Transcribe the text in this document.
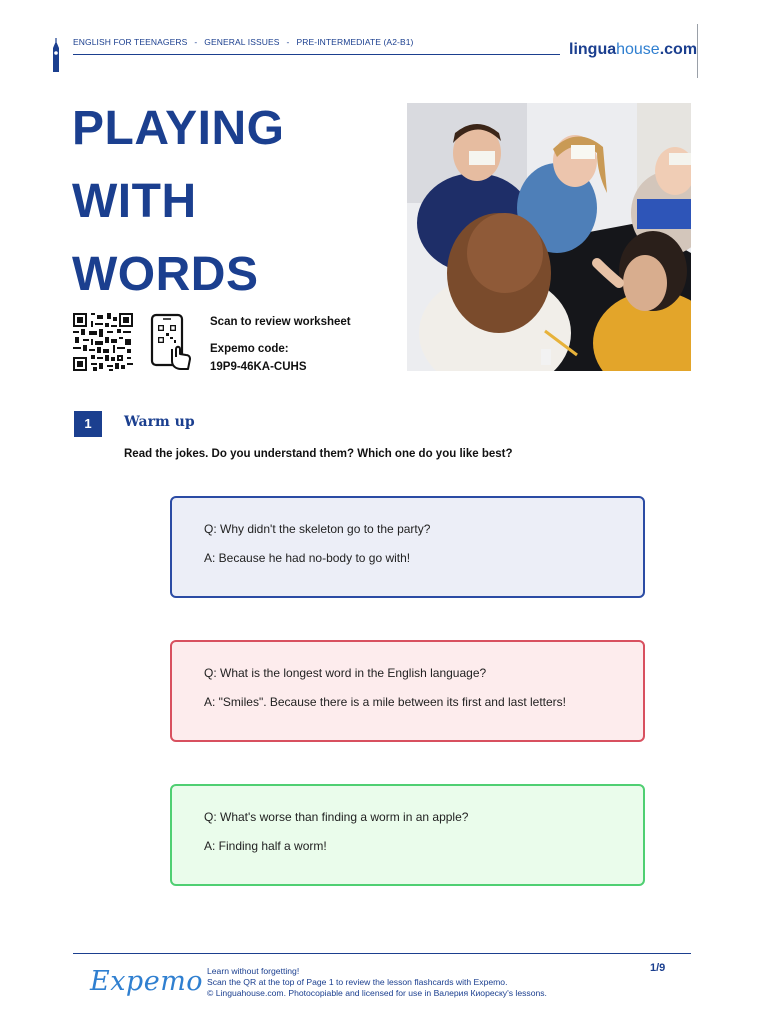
ENGLISH FOR TEENAGERS - GENERAL ISSUES - PRE-INTERMEDIATE (A2-B1)	linguahouse.com
PLAYING
WITH
WORDS
Scan to review worksheet
Expemo code:
19P9-46KA-CUHS
1	Warm up
Read the jokes. Do you understand them? Which one do you like best?

Q: Why didn't the skeleton go to the party?

A: Because he had no-body to go with!

Q: What is the longest word in the English language?

A: "Smiles". Because there is a mile between its first and last letters!

Q: What's worse than finding a worm in an apple?

A: Finding half a worm!

Expemo Learn without forgetting!
Scan the QR at the top of Page 1 to review the lesson flashcards with Expemo.
© Linguahouse.com. Photocopiable and licensed for use in Валерия Киореску's lessons.
1/9
